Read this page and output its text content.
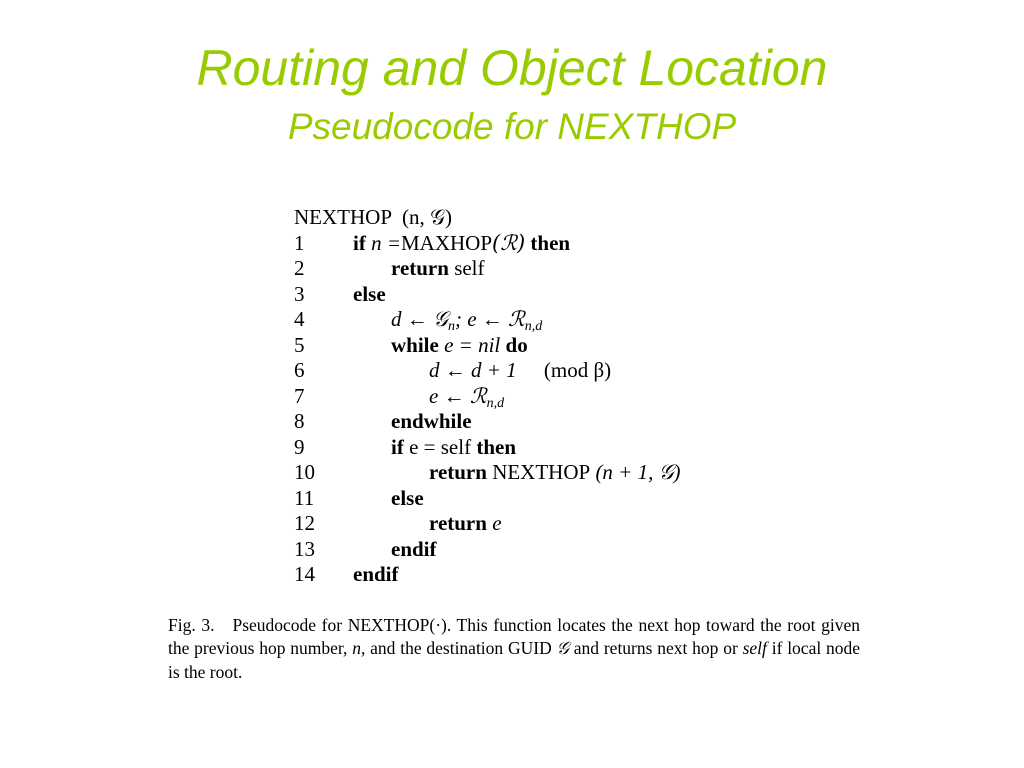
Routing and Object Location
Pseudocode for NEXTHOP
NEXTHOP (n, 𝒢)
1 if n =MAXHOP(ℛ) then
2	return self
3 else
4	d ← 𝒢$_n$; e ← ℛ$_{n,d}$
5	while e = nil do
6	d ← d + 1 (mod β)
7	e ← ℛ$_{n,d}$
8	endwhile
9	if e = self then
10	return NEXTHOP (n + 1, 𝒢)
11	else
12	return e
13	endif
14 endif
Fig. 3. Pseudocode for NEXTHOP(·). This function locates the next hop toward the root given the previous hop number, n, and the destination GUID 𝒢 and returns next hop or self if local node is the root.
